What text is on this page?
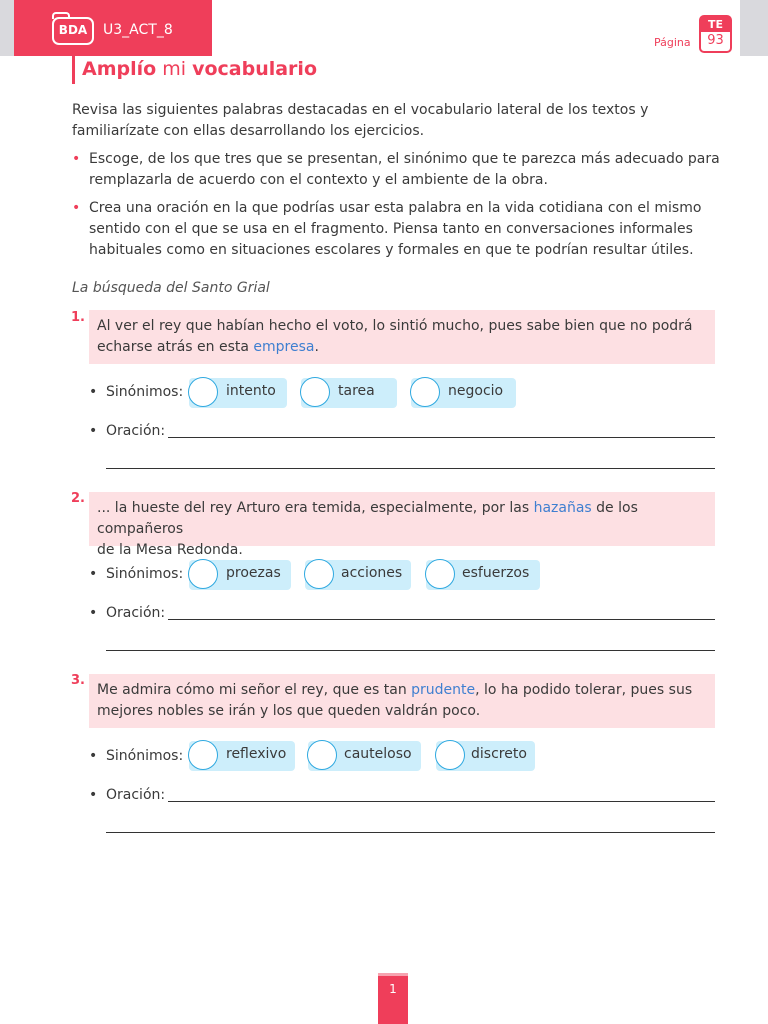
BDA	U3_ACT_8
Página
TE
93
Amplío mi vocabulario
Revisa las siguientes palabras destacadas en el vocabulario lateral de los textos y
familiarízate con ellas desarrollando los ejercicios.
• Escoge, de los que tres que se presentan, el sinónimo que te parezca más adecuado para
remplazarla de acuerdo con el contexto y el ambiente de la obra.
• Crea una oración en la que podrías usar esta palabra en la vida cotidiana con el mismo
sentido con el que se usa en el fragmento. Piensa tanto en conversaciones informales
habituales como en situaciones escolares y formales en que te podrían resultar útiles.
La búsqueda del Santo Grial
1.
Al ver el rey que habían hecho el voto, lo sintió mucho, pues sabe bien que no podrá
echarse atrás en esta empresa.
• Sinónimos:	intento	tarea	negocio
• Oración:
2.
... la hueste del rey Arturo era temida, especialmente, por las hazañas de los compañeros
de la Mesa Redonda.
• Sinónimos:	proezas	acciones	esfuerzos
• Oración:
3.
Me admira cómo mi señor el rey, que es tan prudente, lo ha podido tolerar, pues sus
mejores nobles se irán y los que queden valdrán poco.
• Sinónimos:	reflexivo	cauteloso	discreto
• Oración:
1
